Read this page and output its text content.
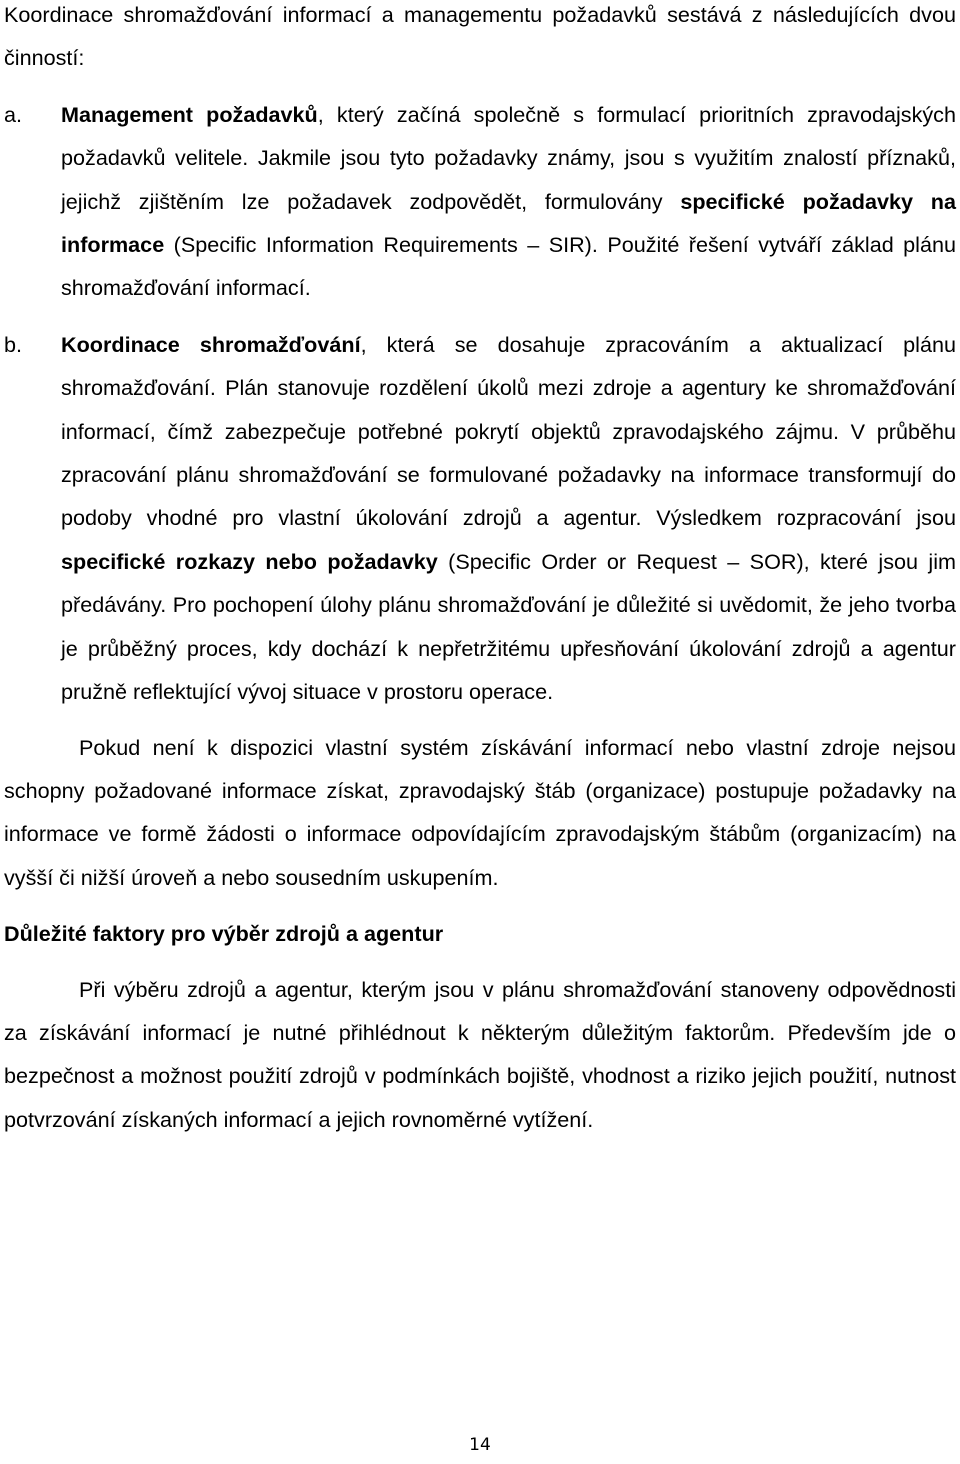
Koordinace shromažďování informací a managementu požadavků sestává z následujících dvou činností:

a. Management požadavků, který začíná společně s formulací prioritních zpravodajských požadavků velitele. Jakmile jsou tyto požadavky známy, jsou s využitím znalostí příznaků, jejichž zjištěním lze požadavek zodpovědět, formulovány specifické požadavky na informace (Specific Information Requirements – SIR). Použité řešení vytváří základ plánu shromažďování informací.

b. Koordinace shromažďování, která se dosahuje zpracováním a aktualizací plánu shromažďování. Plán stanovuje rozdělení úkolů mezi zdroje a agentury ke shromažďování informací, čímž zabezpečuje potřebné pokrytí objektů zpravodajského zájmu. V průběhu zpracování plánu shromažďování se formulované požadavky na informace transformují do podoby vhodné pro vlastní úkolování zdrojů a agentur. Výsledkem rozpracování jsou specifické rozkazy nebo požadavky (Specific Order or Request – SOR), které jsou jim předávány. Pro pochopení úlohy plánu shromažďování je důležité si uvědomit, že jeho tvorba je průběžný proces, kdy dochází k nepřetržitému upřesňování úkolování zdrojů a agentur pružně reflektující vývoj situace v prostoru operace.

Pokud není k dispozici vlastní systém získávání informací nebo vlastní zdroje nejsou schopny požadované informace získat, zpravodajský štáb (organizace) postupuje požadavky na informace ve formě žádosti o informace odpovídajícím zpravodajským štábům (organizacím) na vyšší či nižší úroveň a nebo sousedním uskupením.

Důležité faktory pro výběr zdrojů a agentur

Při výběru zdrojů a agentur, kterým jsou v plánu shromažďování stanoveny odpovědnosti za získávání informací je nutné přihlédnout k některým důležitým faktorům. Především jde o bezpečnost a možnost použití zdrojů v podmínkách bojiště, vhodnost a riziko jejich použití, nutnost potvrzování získaných informací a jejich rovnoměrné vytížení.

14
